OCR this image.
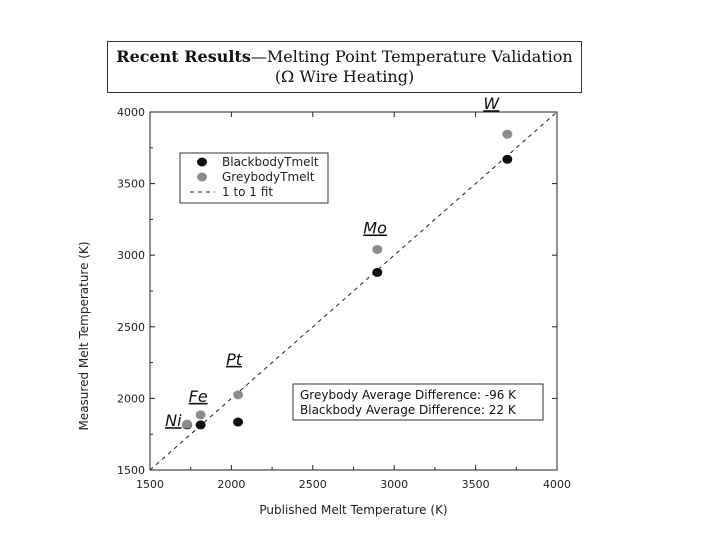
Recent Results—Melting Point Temperature Validation
(Ω Wire Heating)
1500	2000	2500	3000	3500	4000
1500
2000
2500
3000
3500
4000
Published Melt Temperature (K)
Measured Melt Temperature (K)	Ni
Fe
Pt
Mo
W
BlackbodyTmelt
GreybodyTmelt
1 to 1 fit
Greybody Average Difference: -96 K
Blackbody Average Difference: 22 K
